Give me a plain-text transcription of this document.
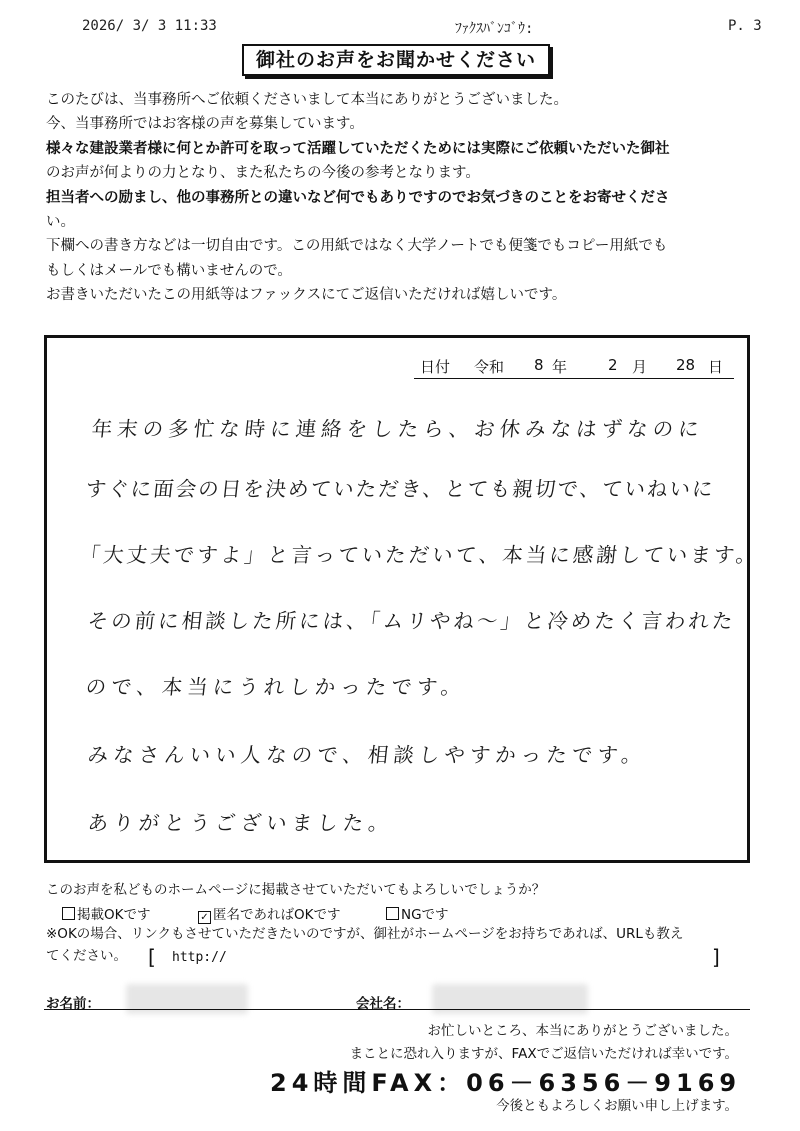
2026/ 3/ 3 11:33	ﾌｧｸｽﾊﾞﾝｺﾞｳ:	P. 3
御社のお声をお聞かせください

このたびは、当事務所へご依頼くださいまして本当にありがとうございました。

今、当事務所ではお客様の声を募集しています。

様々な建設業者様に何とか許可を取って活躍していただくためには実際にご依頼いただいた御社

のお声が何よりの力となり、また私たちの今後の参考となります。

担当者への励まし、他の事務所との違いなど何でもありですのでお気づきのことをお寄せくださ

い。

下欄への書き方などは一切自由です。この用紙ではなく大学ノートでも便箋でもコピー用紙でも

もしくはメールでも構いませんので。

お書きいただいたこの用紙等はファックスにてご返信いただければ嬉しいです。

日付 令和 8 年	2 月 28 日
年末の多忙な時に連絡をしたら、お休みなはずなのに
すぐに面会の日を決めていただき、とても親切で、ていねいに
「大丈夫ですよ」と言っていただいて、本当に感謝しています。
その前に相談した所には、「ムリやね〜」と冷めたく言われた
ので、本当にうれしかったです。
みなさんいい人なので、相談しやすかったです。
ありがとうございました。
このお声を私どものホームページに掲載させていただいてもよろしいでしょうか？
掲載OKです	✓ 匿名であればOKです	NGです

※OKの場合、リンクもさせていただきたいのですが、御社がホームページをお持ちであれば、URLも教え

てください。	[ http://	]
お名前：	会社名：
お忙しいところ、本当にありがとうございました。
まことに恐れ入りますが、FAXでご返信いただければ幸いです。
24時間FAX：06－6356－9169
今後ともよろしくお願い申し上げます。
